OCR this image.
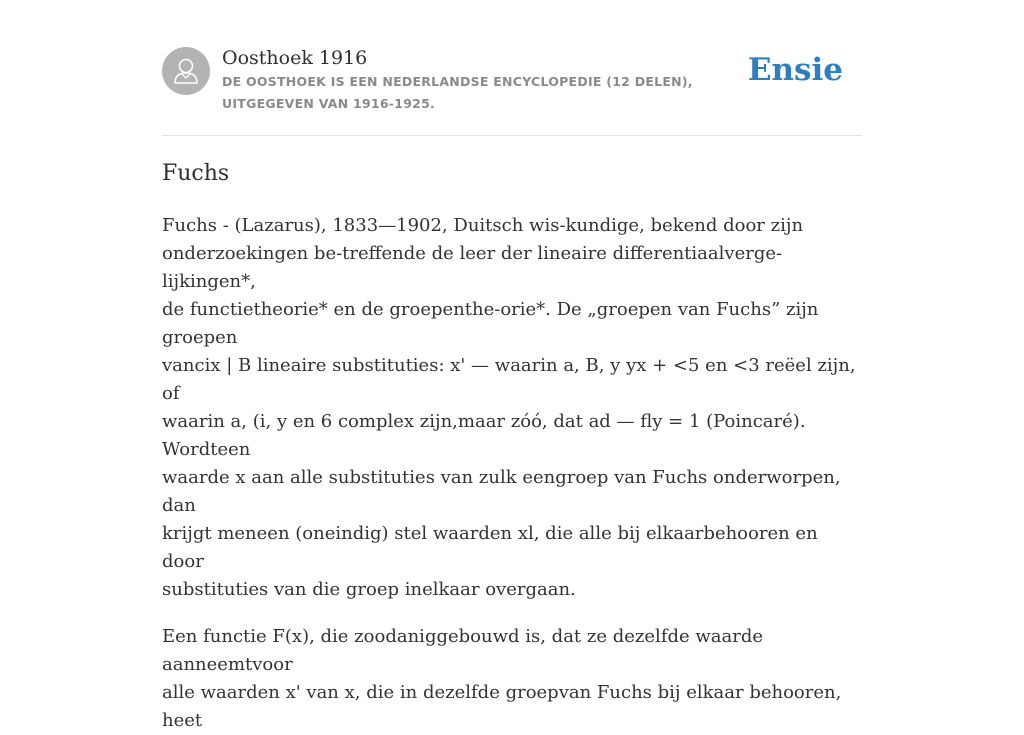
Oosthoek 1916
DE OOSTHOEK IS EEN NEDERLANDSE ENCYCLOPEDIE (12 DELEN), UITGEGEVEN VAN 1916-1925.
Ensie
Fuchs

Fuchs - (Lazarus), 1833—1902, Duitsch wis-kundige, bekend door zijn
onderzoekingen be-treffende de leer der lineaire differentiaalverge-lijkingen*,
de functietheorie* en de groepenthe-orie*. De „groepen van Fuchs” zijn groepen
vancix | B lineaire substituties: x' — waarin a, B, y yx + <5 en <3 reëel zijn, of
waarin a, (i, y en 6 complex zijn,maar zóó, dat ad — fly = 1 (Poincaré). Wordteen
waarde x aan alle substituties van zulk eengroep van Fuchs onderworpen, dan
krijgt meneen (oneindig) stel waarden xl, die alle bij elkaarbehooren en door
substituties van die groep inelkaar overgaan.

Een functie F(x), die zoodaniggebouwd is, dat ze dezelfde waarde aanneemtvoor
alle waarden x' van x, die in dezelfde groepvan Fuchs bij elkaar behooren, heet
